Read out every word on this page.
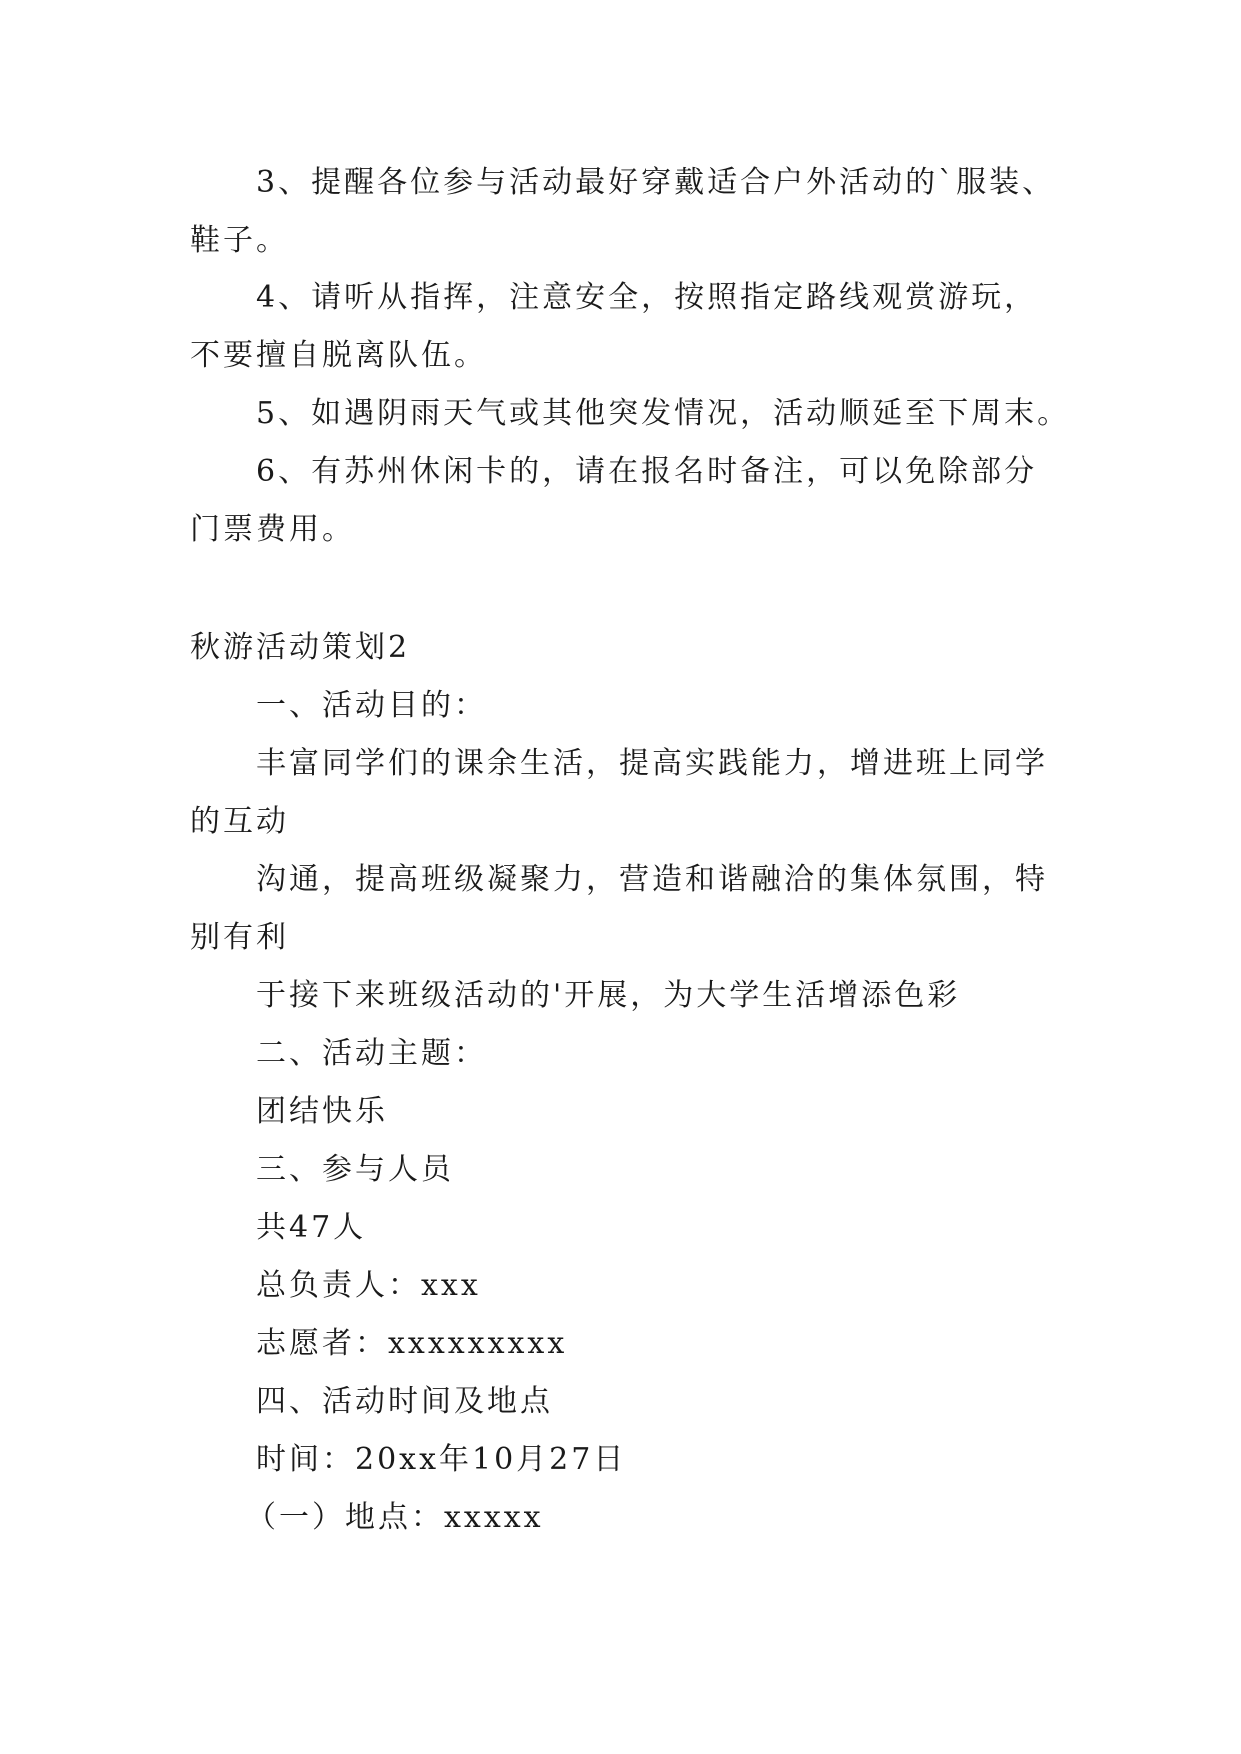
3、提醒各位参与活动最好穿戴适合户外活动的`服装、
鞋子。
4、请听从指挥，注意安全，按照指定路线观赏游玩，
不要擅自脱离队伍。
5、如遇阴雨天气或其他突发情况，活动顺延至下周末。
6、有苏州休闲卡的，请在报名时备注，可以免除部分
门票费用。
秋游活动策划2
一、活动目的：
丰富同学们的课余生活，提高实践能力，增进班上同学
的互动
沟通，提高班级凝聚力，营造和谐融洽的集体氛围，特
别有利
于接下来班级活动的'开展，为大学生活增添色彩
二、活动主题：
团结快乐
三、参与人员
共47人
总负责人：xxx
志愿者：xxxxxxxxx
四、活动时间及地点
时间：20xx年10月27日
（一）地点：xxxxx
